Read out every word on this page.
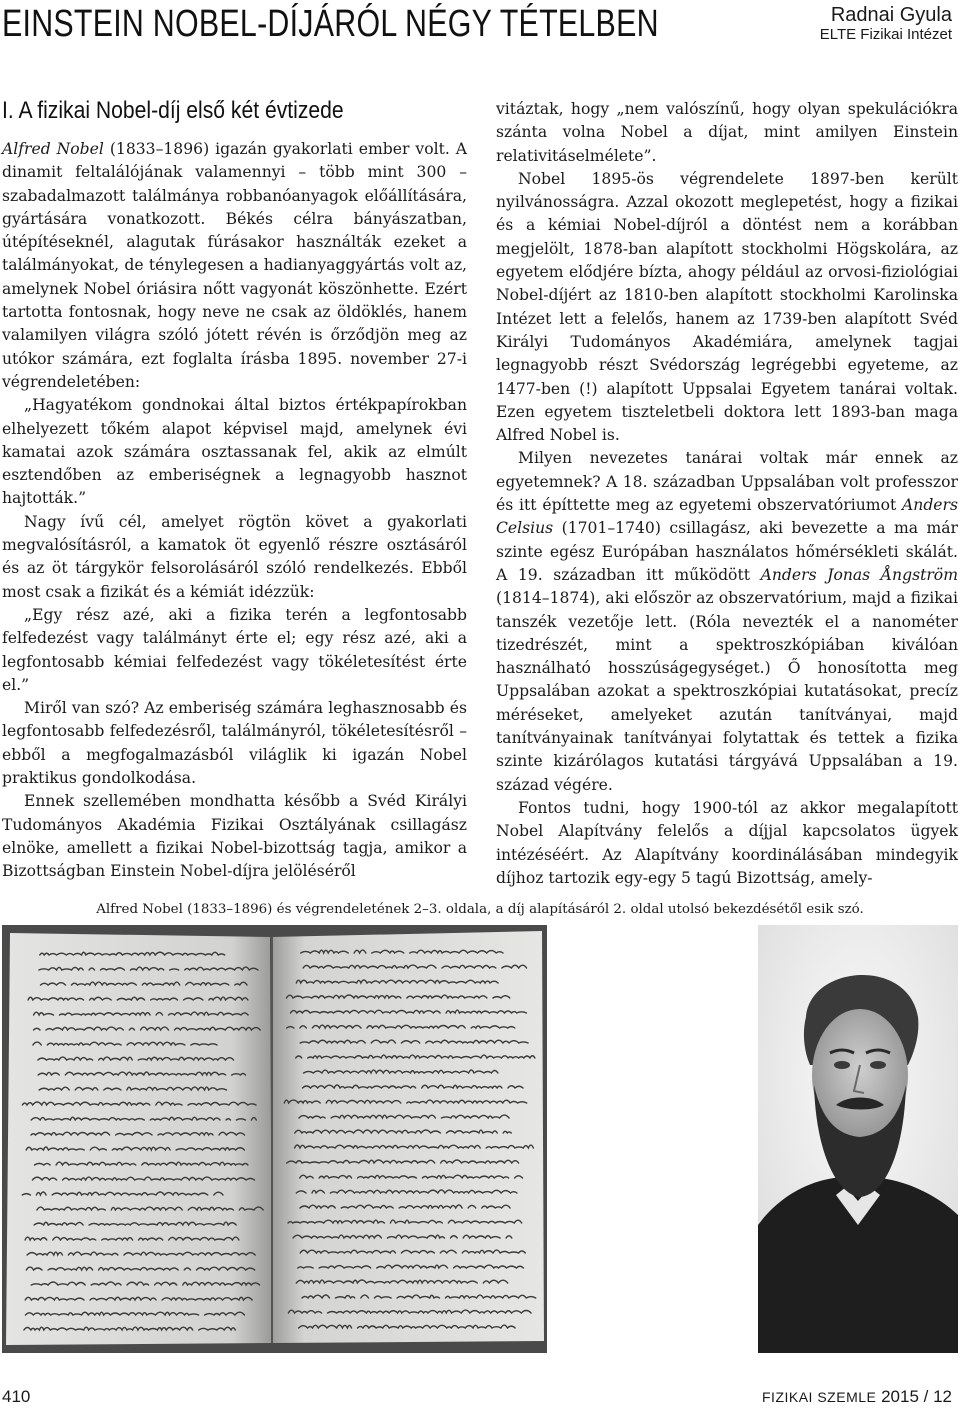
EINSTEIN NOBEL-DÍJÁRÓL NÉGY TÉTELBEN	Radnai Gyula
ELTE Fizikai Intézet
I. A fizikai Nobel-díj első két évtizede

Alfred Nobel (1833–1896) igazán gyakorlati ember volt. A dinamit feltalálójának valamennyi – több mint 300 – szabadalmazott találmánya robbanóanyagok előállítására, gyártására vonatkozott. Békés célra bányászatban, útépítéseknél, alagutak fúrásakor használták ezeket a találmányokat, de ténylegesen a hadianyaggyártás volt az, amelynek Nobel óriásira nőtt vagyonát köszönhette. Ezért tartotta fontosnak, hogy neve ne csak az öldöklés, hanem valamilyen világra szóló jótett révén is őrződjön meg az utókor számára, ezt foglalta írásba 1895. november 27-i végrendeletében:

„Hagyatékom gondnokai által biztos értékpapírokban elhelyezett tőkém alapot képvisel majd, amelynek évi kamatai azok számára osztassanak fel, akik az elmúlt esztendőben az emberiségnek a legnagyobb hasznot hajtották.”

Nagy ívű cél, amelyet rögtön követ a gyakorlati megvalósításról, a kamatok öt egyenlő részre osztásáról és az öt tárgykör felsorolásáról szóló rendelkezés. Ebből most csak a fizikát és a kémiát idézzük:

„Egy rész azé, aki a fizika terén a legfontosabb felfedezést vagy találmányt érte el; egy rész azé, aki a legfontosabb kémiai felfedezést vagy tökéletesítést érte el.”

Miről van szó? Az emberiség számára leghasznosabb és legfontosabb felfedezésről, találmányról, tökéletesítésről – ebből a megfogalmazásból világlik ki igazán Nobel praktikus gondolkodása.

Ennek szellemében mondhatta később a Svéd Királyi Tudományos Akadémia Fizikai Osztályának csillagász elnöke, amellett a fizikai Nobel-bizottság tagja, amikor a Bizottságban Einstein Nobel-díjra jelöléséről

vitáztak, hogy „nem valószínű, hogy olyan spekulációkra szánta volna Nobel a díjat, mint amilyen Einstein relativitáselmélete”.

Nobel 1895-ös végrendelete 1897-ben került nyilvánosságra. Azzal okozott meglepetést, hogy a fizikai és a kémiai Nobel-díjról a döntést nem a korábban megjelölt, 1878-ban alapított stockholmi Högskolára, az egyetem elődjére bízta, ahogy például az orvosi-fiziológiai Nobel-díjért az 1810-ben alapított stockholmi Karolinska Intézet lett a felelős, hanem az 1739-ben alapított Svéd Királyi Tudományos Akadémiára, amelynek tagjai legnagyobb részt Svédország legrégebbi egyeteme, az 1477-ben (!) alapított Uppsalai Egyetem tanárai voltak. Ezen egyetem tiszteletbeli doktora lett 1893-ban maga Alfred Nobel is.

Milyen nevezetes tanárai voltak már ennek az egyetemnek? A 18. században Uppsalában volt professzor és itt építtette meg az egyetemi obszervatóriumot Anders Celsius (1701–1740) csillagász, aki bevezette a ma már szinte egész Európában használatos hőmérsékleti skálát. A 19. században itt működött Anders Jonas Ångström (1814–1874), aki először az obszervatórium, majd a fizikai tanszék vezetője lett. (Róla nevezték el a nanométer tizedrészét, mint a spektroszkópiában kiválóan használható hosszúságegységet.) Ő honosította meg Uppsalában azokat a spektroszkópiai kutatásokat, precíz méréseket, amelyeket azután tanítványai, majd tanítványainak tanítványai folytattak és tettek a fizika szinte kizárólagos kutatási tárgyává Uppsalában a 19. század végére.

Fontos tudni, hogy 1900-tól az akkor megalapított Nobel Alapítvány felelős a díjjal kapcsolatos ügyek intézéséért. Az Alapítvány koordinálásában mindegyik díjhoz tartozik egy-egy 5 tagú Bizottság, amely-

Alfred Nobel (1833–1896) és végrendeletének 2–3. oldala, a díj alapításáról 2. oldal utolsó bekezdésétől esik szó.
410	FIZIKAI SZEMLE 2015 / 12
